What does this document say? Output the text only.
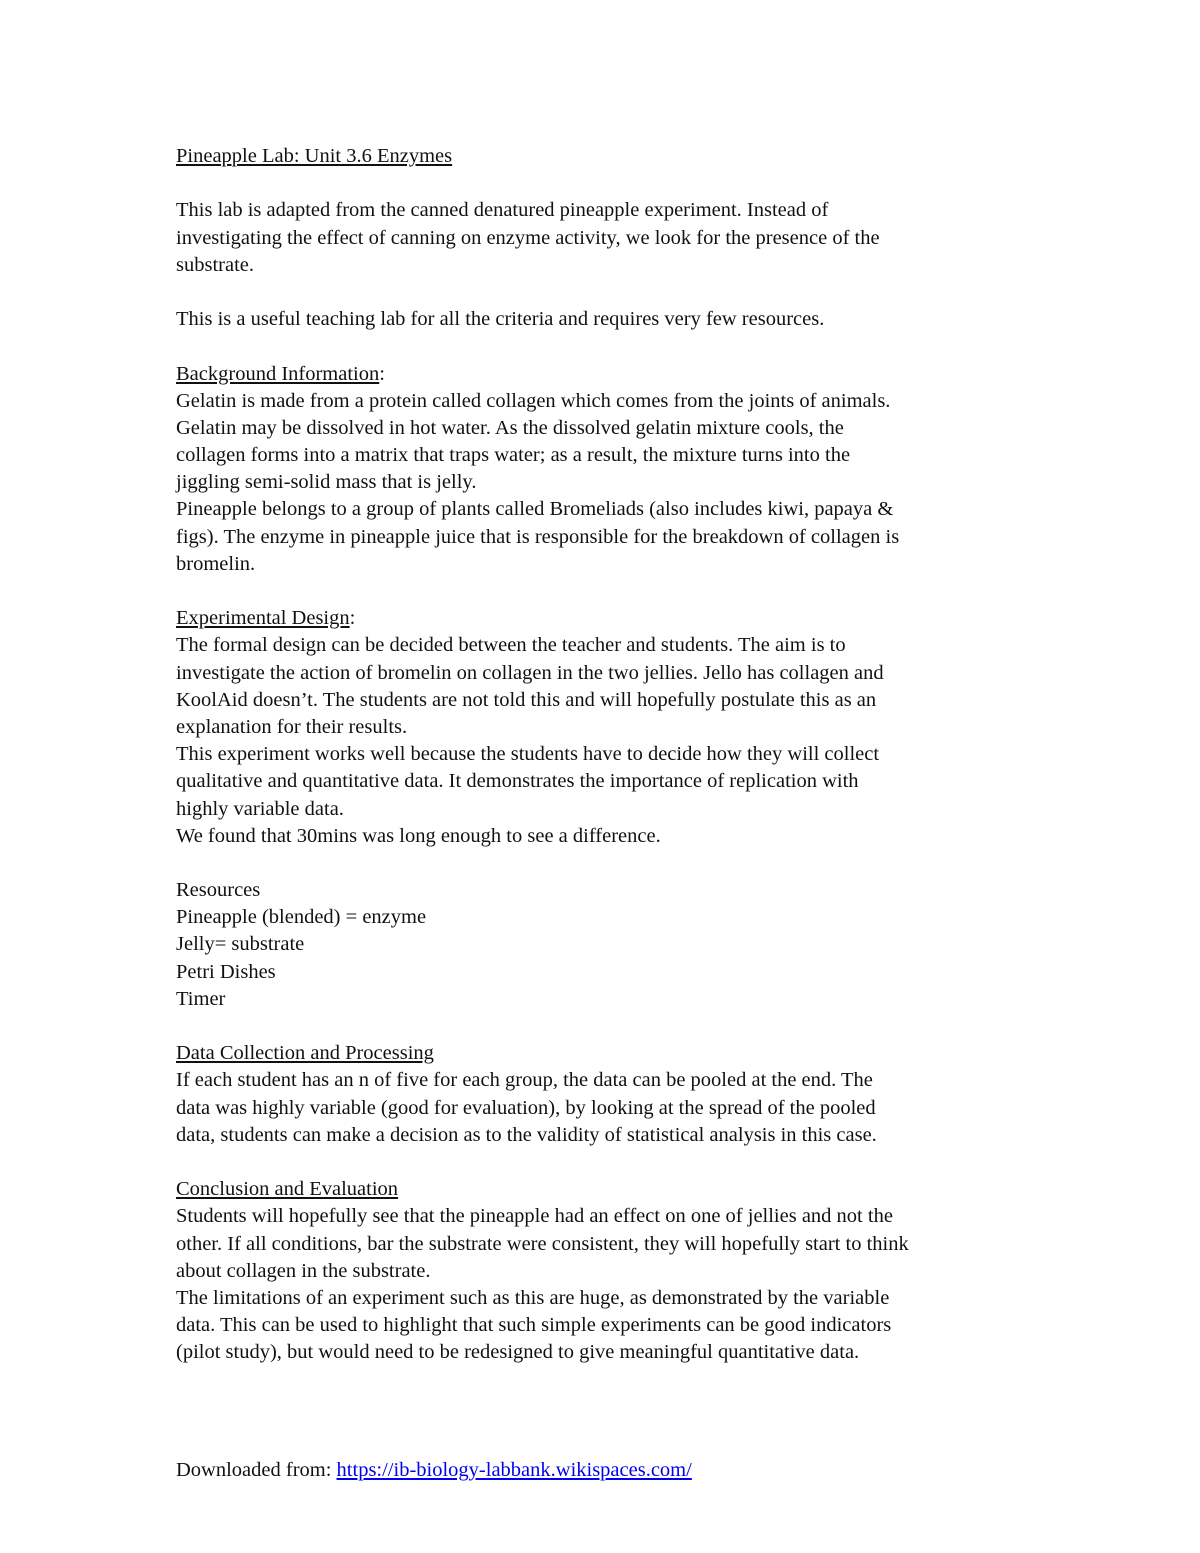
Pineapple Lab: Unit 3.6 Enzymes
This lab is adapted from the canned denatured pineapple experiment. Instead of
investigating the effect of canning on enzyme activity, we look for the presence of the
substrate.
This is a useful teaching lab for all the criteria and requires very few resources.
Background Information:
Gelatin is made from a protein called collagen which comes from the joints of animals.
Gelatin may be dissolved in hot water. As the dissolved gelatin mixture cools, the
collagen forms into a matrix that traps water; as a result, the mixture turns into the
jiggling semi-solid mass that is jelly.
Pineapple belongs to a group of plants called Bromeliads (also includes kiwi, papaya &
figs). The enzyme in pineapple juice that is responsible for the breakdown of collagen is
bromelin.
Experimental Design:
The formal design can be decided between the teacher and students. The aim is to
investigate the action of bromelin on collagen in the two jellies. Jello has collagen and
KoolAid doesn’t. The students are not told this and will hopefully postulate this as an
explanation for their results.
This experiment works well because the students have to decide how they will collect
qualitative and quantitative data. It demonstrates the importance of replication with
highly variable data.
We found that 30mins was long enough to see a difference.
Resources
Pineapple (blended) = enzyme
Jelly= substrate
Petri Dishes
Timer
Data Collection and Processing
If each student has an n of five for each group, the data can be pooled at the end. The
data was highly variable (good for evaluation), by looking at the spread of the pooled
data, students can make a decision as to the validity of statistical analysis in this case.
Conclusion and Evaluation
Students will hopefully see that the pineapple had an effect on one of jellies and not the
other. If all conditions, bar the substrate were consistent, they will hopefully start to think
about collagen in the substrate.
The limitations of an experiment such as this are huge, as demonstrated by the variable
data. This can be used to highlight that such simple experiments can be good indicators
(pilot study), but would need to be redesigned to give meaningful quantitative data.
Downloaded from: https://ib-biology-labbank.wikispaces.com/
